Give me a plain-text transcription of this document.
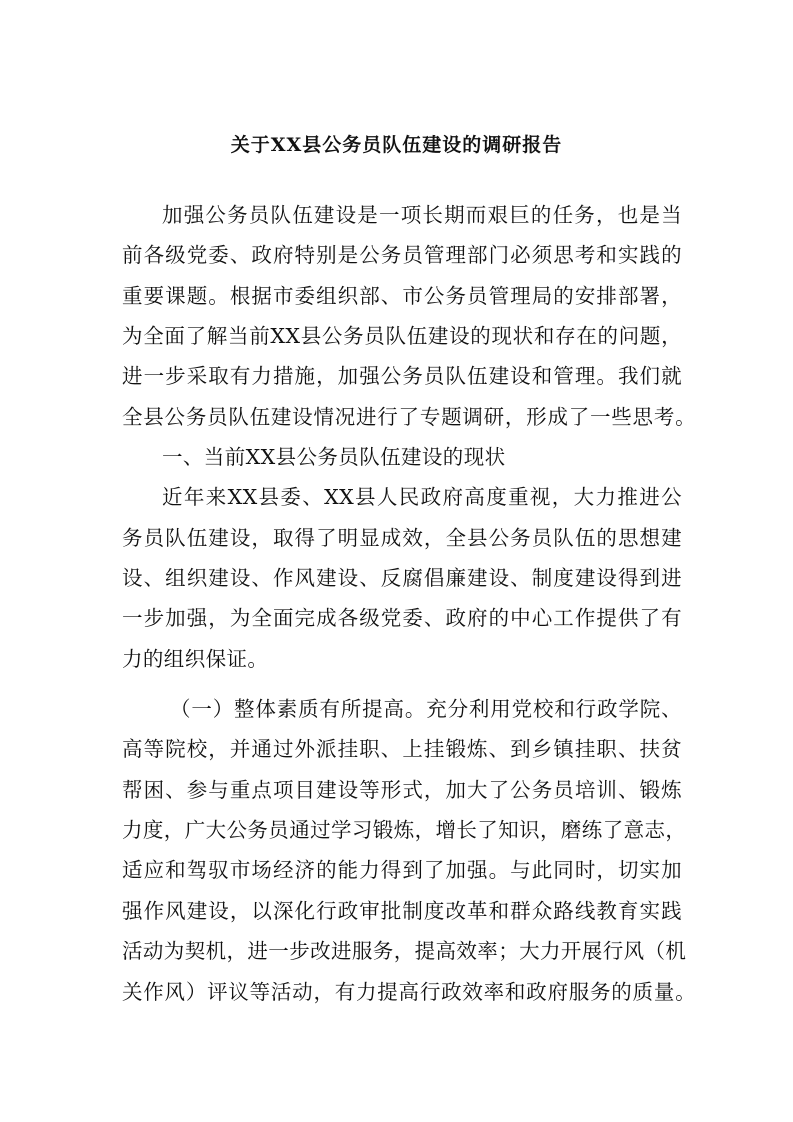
关于XX县公务员队伍建设的调研报告

加强公务员队伍建设是一项长期而艰巨的任务，也是当

前各级党委、政府特别是公务员管理部门必须思考和实践的

重要课题。根据市委组织部、市公务员管理局的安排部署，

为全面了解当前XX县公务员队伍建设的现状和存在的问题，

进一步采取有力措施，加强公务员队伍建设和管理。我们就

全县公务员队伍建设情况进行了专题调研，形成了一些思考。

一、当前XX县公务员队伍建设的现状

近年来XX县委、XX县人民政府高度重视，大力推进公

务员队伍建设，取得了明显成效，全县公务员队伍的思想建

设、组织建设、作风建设、反腐倡廉建设、制度建设得到进

一步加强，为全面完成各级党委、政府的中心工作提供了有

力的组织保证。

（一）整体素质有所提高。充分利用党校和行政学院、

高等院校，并通过外派挂职、上挂锻炼、到乡镇挂职、扶贫

帮困、参与重点项目建设等形式，加大了公务员培训、锻炼

力度，广大公务员通过学习锻炼，增长了知识，磨练了意志，

适应和驾驭市场经济的能力得到了加强。与此同时，切实加

强作风建设，以深化行政审批制度改革和群众路线教育实践

活动为契机，进一步改进服务，提高效率；大力开展行风（机

关作风）评议等活动，有力提高行政效率和政府服务的质量。
